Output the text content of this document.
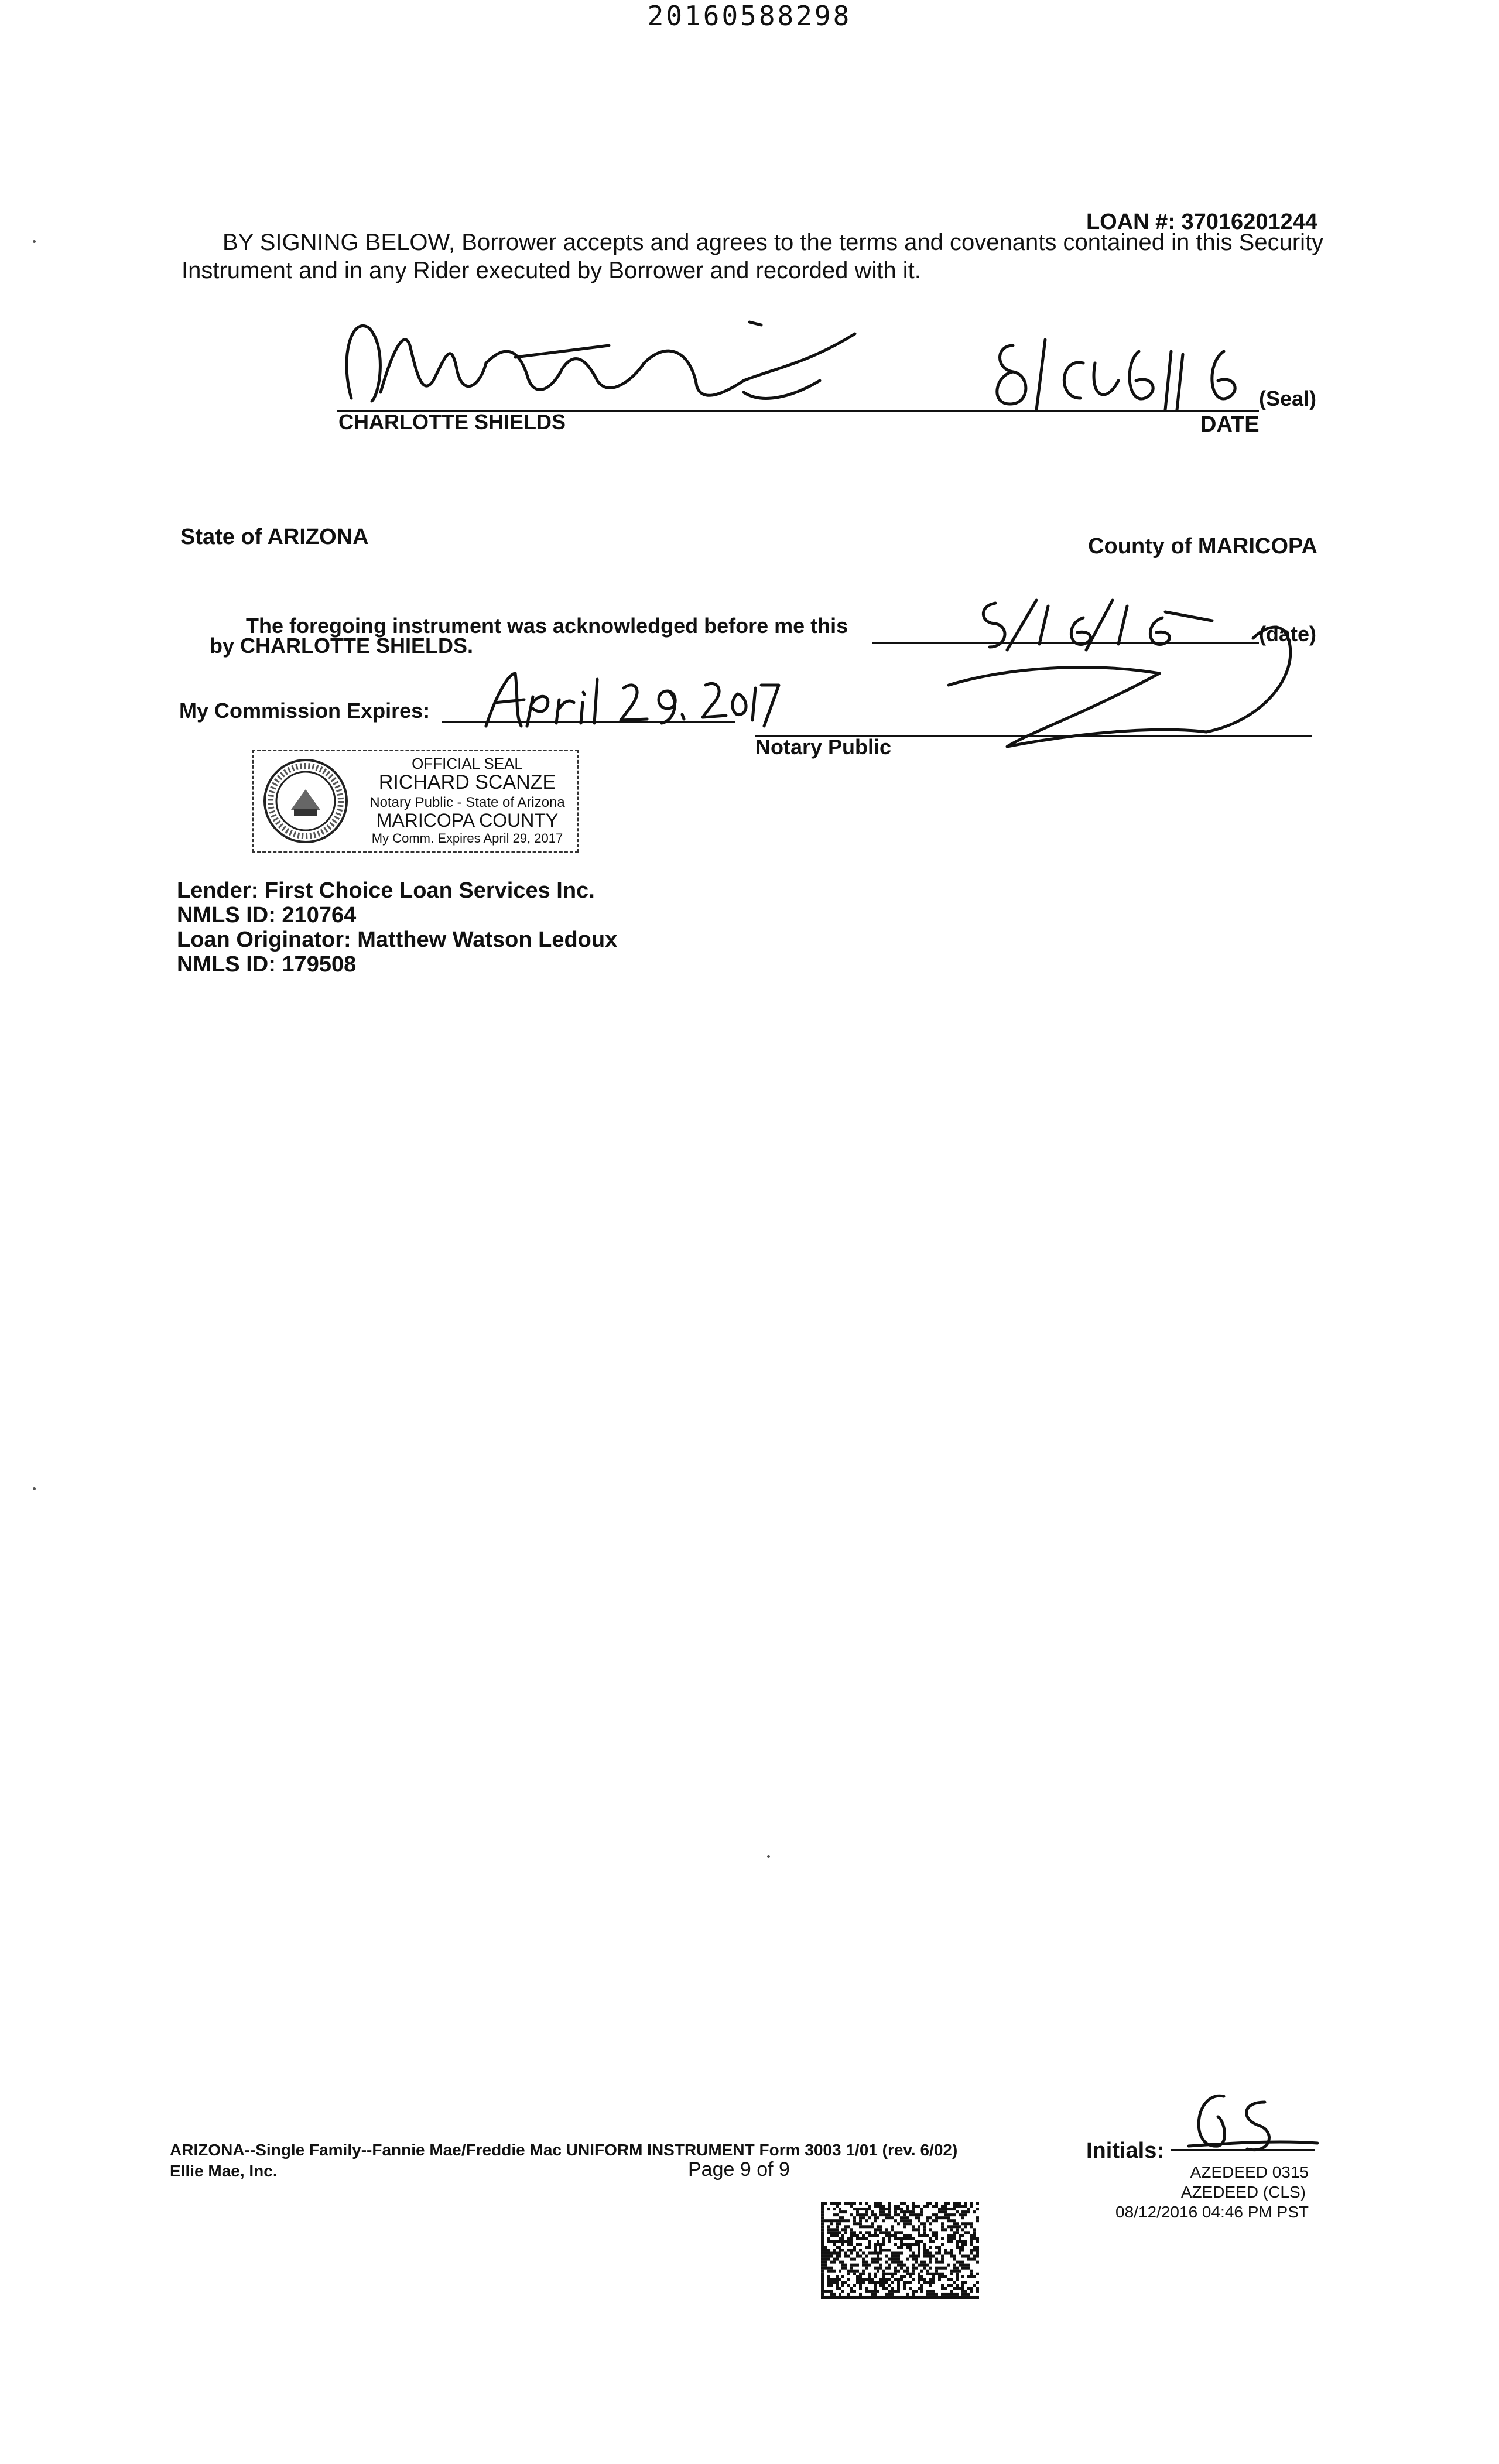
20160588298
LOAN #: 37016201244
BY SIGNING BELOW, Borrower accepts and agrees to the terms and covenants contained in this Security
Instrument and in any Rider executed by Borrower and recorded with it.
CHARLOTTE SHIELDS
(Seal)
DATE
State of ARIZONA	County of MARICOPA
The foregoing instrument was acknowledged before me this
by CHARLOTTE SHIELDS.	(date)
My Commission Expires:
Notary Public
OFFICIAL SEAL
RICHARD SCANZE
Notary Public - State of Arizona
MARICOPA COUNTY
My Comm. Expires April 29, 2017
Lender: First Choice Loan Services Inc.
NMLS ID: 210764
Loan Originator: Matthew Watson Ledoux
NMLS ID: 179508
ARIZONA--Single Family--Fannie Mae/Freddie Mac UNIFORM INSTRUMENT Form 3003 1/01 (rev. 6/02)
Ellie Mae, Inc.	Page 9 of 9
Initials:
AZEDEED 0315
AZEDEED (CLS)
08/12/2016 04:46 PM PST
